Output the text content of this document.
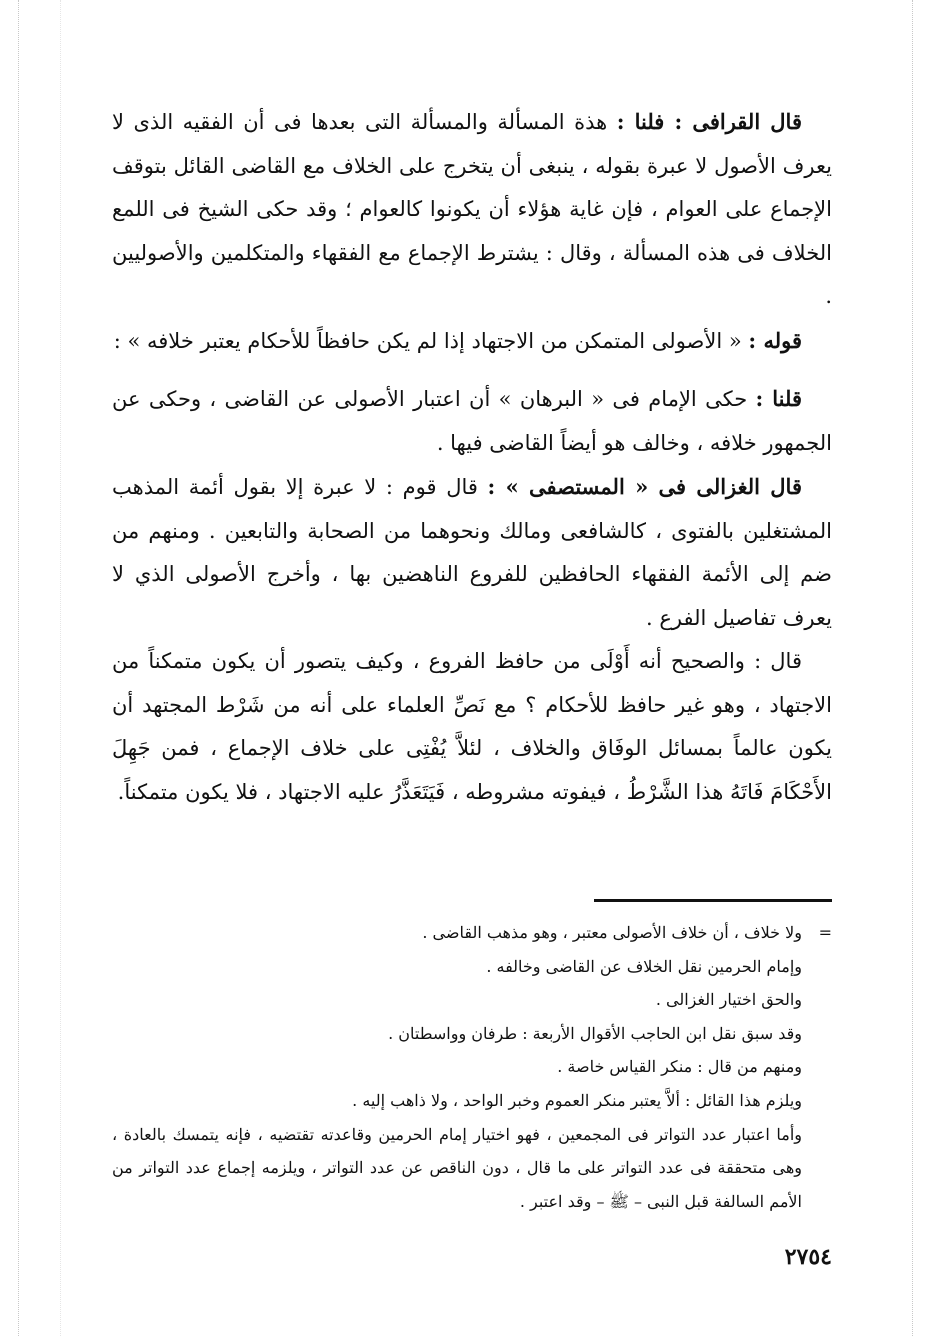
قال القرافى : فلنا : هذة المسألة والمسألة التى بعدها فى أن الفقيه الذى لا يعرف الأصول لا عبرة بقوله ، ينبغى أن يتخرج على الخلاف مع القاضى القائل بتوقف الإجماع على العوام ، فإن غاية هؤلاء أن يكونوا كالعوام ؛ وقد حكى الشيخ فى اللمع الخلاف فى هذه المسألة ، وقال : يشترط الإجماع مع الفقهاء والمتكلمين والأصوليين .

قوله : « الأصولى المتمكن من الاجتهاد إذا لم يكن حافظاً للأحكام يعتبر خلافه » :

قلنا : حكى الإمام فى « البرهان » أن اعتبار الأصولى عن القاضى ، وحكى عن الجمهور خلافه ، وخالف هو أيضاً القاضى فيها .

قال الغزالى فى « المستصفى » : قال قوم : لا عبرة إلا بقول أئمة المذهب المشتغلين بالفتوى ، كالشافعى ومالك ونحوهما من الصحابة والتابعين . ومنهم من ضم إلى الأئمة الفقهاء الحافظين للفروع الناهضين بها ، وأخرج الأصولى الذي لا يعرف تفاصيل الفرع .

قال : والصحيح أنه أَوْلَى من حافظ الفروع ، وكيف يتصور أن يكون متمكناً من الاجتهاد ، وهو غير حافظ للأحكام ؟ مع نَصِّ العلماء على أنه من شَرْط المجتهد أن يكون عالماً بمسائل الوفَاق والخلاف ، لئلاَّ يُفْتِى على خلاف الإجماع ، فمن جَهِلَ الأَحْكَامَ فَاتَهُ هذا الشَّرْطُ ، فيفوته مشروطه ، فَيَتَعَذَّرُ عليه الاجتهاد ، فلا يكون متمكناً.

=
ولا خلاف ، أن خلاف الأصولى معتبر ، وهو مذهب القاضى .

وإمام الحرمين نقل الخلاف عن القاضى وخالفه .

والحق اختيار الغزالى .

وقد سبق نقل ابن الحاجب الأقوال الأربعة : طرفان وواسطتان .

ومنهم من قال : منكر القياس خاصة .

ويلزم هذا القائل : ألاَّ يعتبر منكر العموم وخبر الواحد ، ولا ذاهب إليه .

وأما اعتبار عدد التواتر فى المجمعين ، فهو اختيار إمام الحرمين وقاعدته تقتضيه ، فإنه يتمسك بالعادة ، وهى متحققة فى عدد التواتر على ما قال ، دون الناقص عن عدد التواتر ، ويلزمه إجماع عدد التواتر من الأمم السالفة قبل النبى – ﷺ – وقد اعتبر .

٢٧٥٤
